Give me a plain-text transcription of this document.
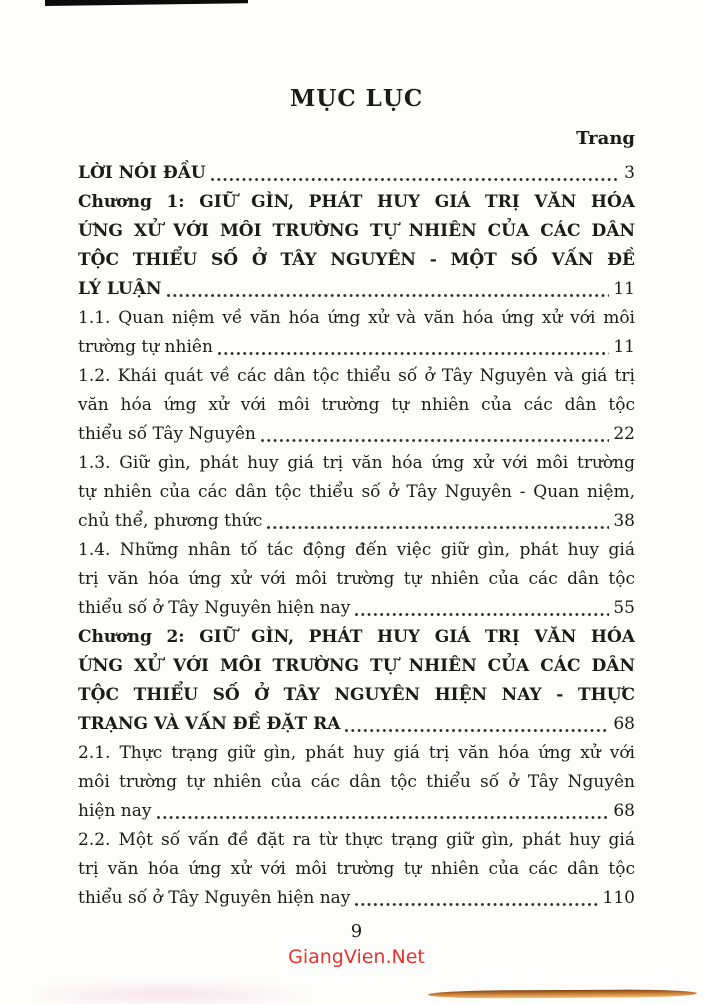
MỤC LỤC
Trang
LỜI NÓI ĐẦU	3
Chương 1: GIỮ GÌN, PHÁT HUY GIÁ TRỊ VĂN HÓA
ỨNG XỬ VỚI MÔI TRƯỜNG TỰ NHIÊN CỦA CÁC DÂN
TỘC THIỂU SỐ Ở TÂY NGUYÊN - MỘT SỐ VẤN ĐỀ
LÝ LUẬN	11
1.1. Quan niệm về văn hóa ứng xử và văn hóa ứng xử với môi
trường tự nhiên	11
1.2. Khái quát về các dân tộc thiểu số ở Tây Nguyên và giá trị
văn hóa ứng xử với môi trường tự nhiên của các dân tộc
thiểu số Tây Nguyên	22
1.3. Giữ gìn, phát huy giá trị văn hóa ứng xử với môi trường
tự nhiên của các dân tộc thiểu số ở Tây Nguyên - Quan niệm,
chủ thể, phương thức	38
1.4. Những nhân tố tác động đến việc giữ gìn, phát huy giá
trị văn hóa ứng xử với môi trường tự nhiên của các dân tộc
thiểu số ở Tây Nguyên hiện nay	55
Chương 2: GIỮ GÌN, PHÁT HUY GIÁ TRỊ VĂN HÓA
ỨNG XỬ VỚI MÔI TRƯỜNG TỰ NHIÊN CỦA CÁC DÂN
TỘC THIỂU SỐ Ở TÂY NGUYÊN HIỆN NAY - THỰC
TRẠNG VÀ VẤN ĐỀ ĐẶT RA	68
2.1. Thực trạng giữ gìn, phát huy giá trị văn hóa ứng xử với
môi trường tự nhiên của các dân tộc thiểu số ở Tây Nguyên
hiện nay	68
2.2. Một số vấn đề đặt ra từ thực trạng giữ gìn, phát huy giá
trị văn hóa ứng xử với môi trường tự nhiên của các dân tộc
thiểu số ở Tây Nguyên hiện nay	110
9
GiangVien.Net
